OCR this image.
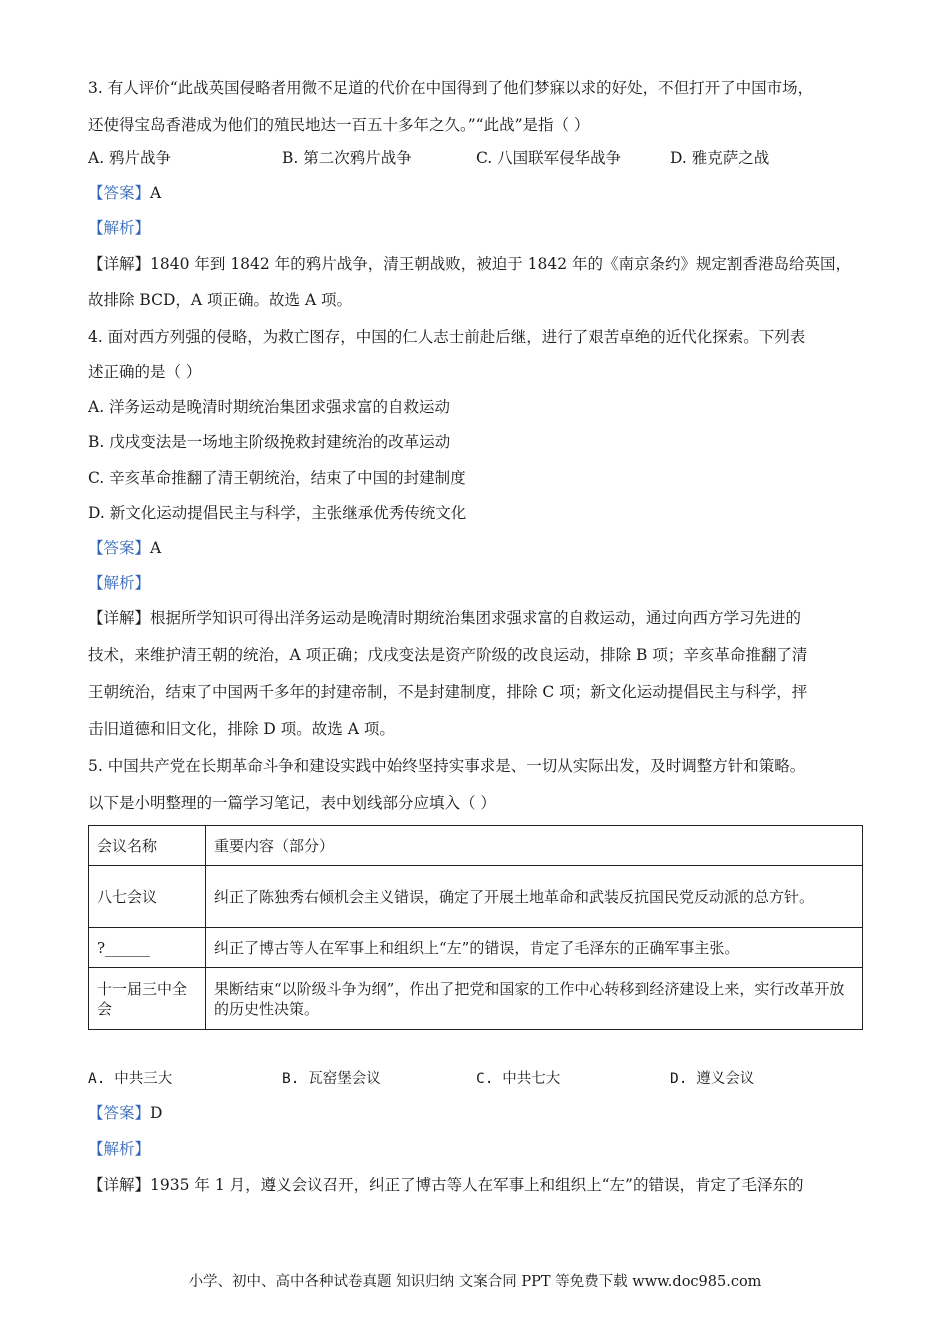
3. 有人评价“此战英国侵略者用微不足道的代价在中国得到了他们梦寐以求的好处，不但打开了中国市场，
还使得宝岛香港成为他们的殖民地达一百五十多年之久。”“此战”是指（ ）
A. 鸦片战争	B. 第二次鸦片战争	C. 八国联军侵华战争	D. 雅克萨之战
【答案】A
【解析】
【详解】1840 年到 1842 年的鸦片战争，清王朝战败，被迫于 1842 年的《南京条约》规定割香港岛给英国，
故排除 BCD，A 项正确。故选 A 项。
4. 面对西方列强的侵略，为救亡图存，中国的仁人志士前赴后继，进行了艰苦卓绝的近代化探索。下列表
述正确的是（ ）
A. 洋务运动是晚清时期统治集团求强求富的自救运动
B. 戊戌变法是一场地主阶级挽救封建统治的改革运动
C. 辛亥革命推翻了清王朝统治，结束了中国的封建制度
D. 新文化运动提倡民主与科学，主张继承优秀传统文化
【答案】A
【解析】
【详解】根据所学知识可得出洋务运动是晚清时期统治集团求强求富的自救运动，通过向西方学习先进的
技术，来维护清王朝的统治，A 项正确；戊戌变法是资产阶级的改良运动，排除 B 项；辛亥革命推翻了清
王朝统治，结束了中国两千多年的封建帝制，不是封建制度，排除 C 项；新文化运动提倡民主与科学，抨
击旧道德和旧文化，排除 D 项。故选 A 项。
5. 中国共产党在长期革命斗争和建设实践中始终坚持实事求是、一切从实际出发，及时调整方针和策略。
以下是小明整理的一篇学习笔记，表中划线部分应填入（ ）
会议名称	重要内容（部分）
八七会议	纠正了陈独秀右倾机会主义错误，确定了开展土地革命和武装反抗国民党反动派的总方针。
?______	纠正了博古等人在军事上和组织上“左”的错误，肯定了毛泽东的正确军事主张。
十一届三中全会	果断结束“以阶级斗争为纲”，作出了把党和国家的工作中心转移到经济建设上来，实行改革开放的历史性决策。
A. 中共三大	B. 瓦窑堡会议	C. 中共七大	D. 遵义会议
【答案】D
【解析】
【详解】1935 年 1 月，遵义会议召开，纠正了博古等人在军事上和组织上“左”的错误，肯定了毛泽东的
小学、初中、高中各种试卷真题 知识归纳 文案合同 PPT 等免费下载 www.doc985.com
